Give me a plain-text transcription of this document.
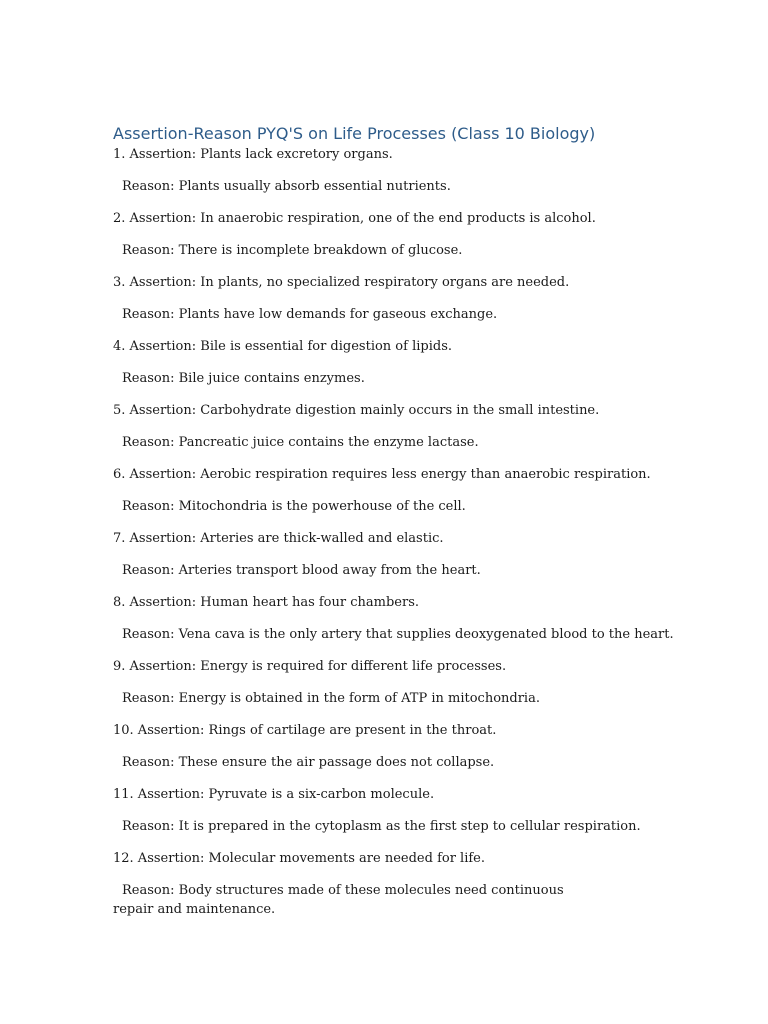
Assertion-Reason PYQ'S on Life Processes (Class 10 Biology)

1. Assertion: Plants lack excretory organs.

Reason: Plants usually absorb essential nutrients.

2. Assertion: In anaerobic respiration, one of the end products is alcohol.

Reason: There is incomplete breakdown of glucose.

3. Assertion: In plants, no specialized respiratory organs are needed.

Reason: Plants have low demands for gaseous exchange.

4. Assertion: Bile is essential for digestion of lipids.

Reason: Bile juice contains enzymes.

5. Assertion: Carbohydrate digestion mainly occurs in the small intestine.

Reason: Pancreatic juice contains the enzyme lactase.

6. Assertion: Aerobic respiration requires less energy than anaerobic respiration.

Reason: Mitochondria is the powerhouse of the cell.

7. Assertion: Arteries are thick-walled and elastic.

Reason: Arteries transport blood away from the heart.

8. Assertion: Human heart has four chambers.

Reason: Vena cava is the only artery that supplies deoxygenated blood to the heart.

9. Assertion: Energy is required for different life processes.

Reason: Energy is obtained in the form of ATP in mitochondria.

10. Assertion: Rings of cartilage are present in the throat.

Reason: These ensure the air passage does not collapse.

11. Assertion: Pyruvate is a six-carbon molecule.

Reason: It is prepared in the cytoplasm as the first step to cellular respiration.

12. Assertion: Molecular movements are needed for life.

Reason: Body structures made of these molecules need continuous repair and maintenance.
